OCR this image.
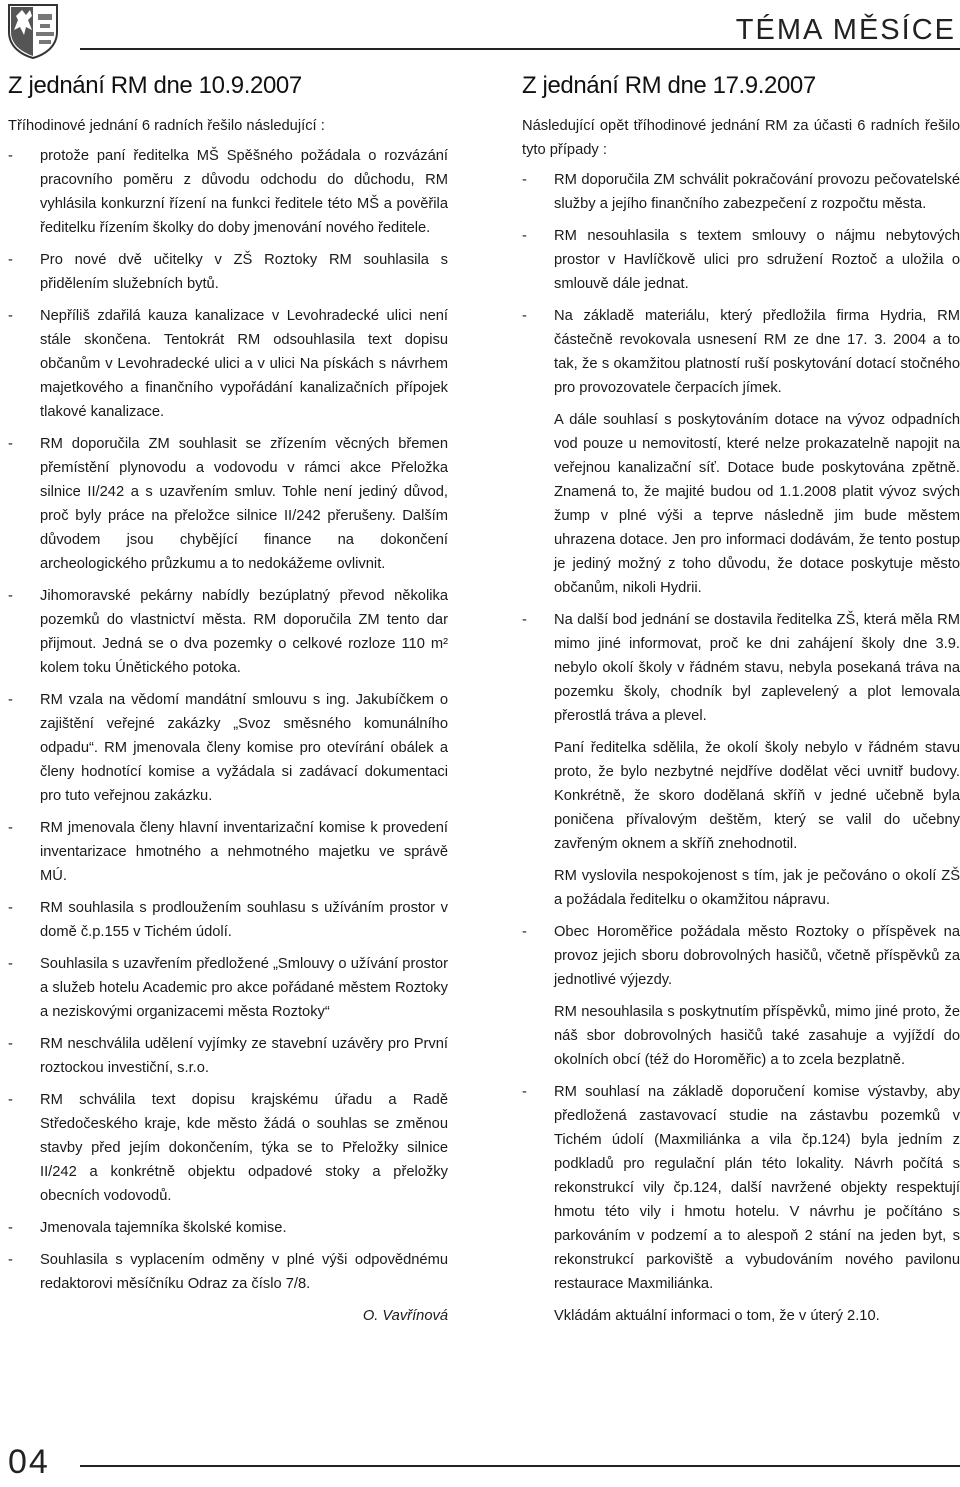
TÉMA MĚSÍCE
Z jednání RM dne 10.9.2007

Tříhodinové jednání 6 radních řešilo následující :

-	protože paní ředitelka MŠ Spěšného požádala o rozvázání pracovního poměru z důvodu odchodu do důchodu, RM vyhlásila konkurzní řízení na funkci ředitele této MŠ a pověřila ředitelku řízením školky do doby jmenování nového ředitele.

-	Pro nové dvě učitelky v ZŠ Roztoky RM souhlasila s přidělením služebních bytů.

-	Nepříliš zdařilá kauza kanalizace v Levohradecké ulici není stále skončena. Tentokrát RM odsouhlasila text dopisu občanům v Levohradecké ulici a v ulici Na pískách s návrhem majetkového a finančního vypořádání kanalizačních přípojek tlakové kanalizace.

-	RM doporučila ZM souhlasit se zřízením věcných břemen přemístění plynovodu a vodovodu v rámci akce Přeložka silnice II/242 a s uzavřením smluv. Tohle není jediný důvod, proč byly práce na přeložce silnice II/242 přerušeny. Dalším důvodem jsou chybějící finance na dokončení archeologického průzkumu a to nedokážeme ovlivnit.

-	Jihomoravské pekárny nabídly bezúplatný převod několika pozemků do vlastnictví města. RM doporučila ZM tento dar přijmout. Jedná se o dva pozemky o celkové rozloze 110 m² kolem toku Únětického potoka.

-	RM vzala na vědomí mandátní smlouvu s ing. Jakubíčkem o zajištění veřejné zakázky „Svoz směsného komunálního odpadu“. RM jmenovala členy komise pro otevírání obálek a členy hodnotící komise a vyžádala si zadávací dokumentaci pro tuto veřejnou zakázku.

-	RM jmenovala členy hlavní inventarizační komise k provedení inventarizace hmotného a nehmotného majetku ve správě MÚ.

-	RM souhlasila s prodloužením souhlasu s užíváním prostor v domě č.p.155 v Tichém údolí.

-	Souhlasila s uzavřením předložené „Smlouvy o užívání prostor a služeb hotelu Academic pro akce pořádané městem Roztoky a neziskovými organizacemi města Roztoky“

-	RM neschválila udělení vyjímky ze stavební uzávěry pro První roztockou investiční, s.r.o.

-	RM schválila text dopisu krajskému úřadu a Radě Středočeského kraje, kde město žádá o souhlas se změnou stavby před jejím dokončením, týka se to Přeložky silnice II/242 a konkrétně objektu odpadové stoky a přeložky obecních vodovodů.

-	Jmenovala tajemníka školské komise.

-	Souhlasila s vyplacením odměny v plné výši odpovědnému redaktorovi měsíčníku Odraz za číslo 7/8.

O. Vavřínová
Z jednání RM dne 17.9.2007

Následující opět tříhodinové jednání RM za účasti 6 radních řešilo tyto případy :

-	RM doporučila ZM schválit pokračování provozu pečovatelské služby a jejího finančního zabezpečení z rozpočtu města.

-	RM nesouhlasila s textem smlouvy o nájmu nebytových prostor v Havlíčkově ulici pro sdružení Roztoč a uložila o smlouvě dále jednat.

-	Na základě materiálu, který předložila firma Hydria, RM částečně revokovala usnesení RM ze dne 17. 3. 2004 a to tak, že s okamžitou platností ruší poskytování dotací stočného pro provozovatele čerpacích jímek.

A dále souhlasí s poskytováním dotace na vývoz odpadních vod pouze u nemovitostí, které nelze prokazatelně napojit na veřejnou kanalizační síť. Dotace bude poskytována zpětně. Znamená to, že majité budou od 1.1.2008 platit vývoz svých žump v plné výši a teprve následně jim bude městem uhrazena dotace. Jen pro informaci dodávám, že tento postup je jediný možný z toho důvodu, že dotace poskytuje město občanům, nikoli Hydrii.

-	Na další bod jednání se dostavila ředitelka ZŠ, která měla RM mimo jiné informovat, proč ke dni zahájení školy dne 3.9. nebylo okolí školy v řádném stavu, nebyla posekaná tráva na pozemku školy, chodník byl zaplevelený a plot lemovala přerostlá tráva a plevel.

Paní ředitelka sdělila, že okolí školy nebylo v řádném stavu proto, že bylo nezbytné nejdříve dodělat věci uvnitř budovy. Konkrétně, že skoro dodělaná skříň v jedné učebně byla poničena přívalovým deštěm, který se valil do učebny zavřeným oknem a skříň znehodnotil.

RM vyslovila nespokojenost s tím, jak je pečováno o okolí ZŠ a požádala ředitelku o okamžitou nápravu.

-	Obec Horoměřice požádala město Roztoky o příspěvek na provoz jejich sboru dobrovolných hasičů, včetně příspěvků za jednotlivé výjezdy.

RM nesouhlasila s poskytnutím příspěvků, mimo jiné proto, že náš sbor dobrovolných hasičů také zasahuje a vyjíždí do okolních obcí (též do Horoměřic) a to zcela bezplatně.

-	RM souhlasí na základě doporučení komise výstavby, aby předložená zastavovací studie na zástavbu pozemků v Tichém údolí (Maxmiliánka a vila čp.124) byla jedním z podkladů pro regulační plán této lokality. Návrh počítá s rekonstrukcí vily čp.124, další navržené objekty respektují hmotu této vily i hmotu hotelu. V návrhu je počítáno s parkováním v podzemí a to alespoň 2 stání na jeden byt, s rekonstrukcí parkoviště a vybudováním nového pavilonu restaurace Maxmiliánka.

Vkládám aktuální informaci o tom, že v úterý 2.10.

04
